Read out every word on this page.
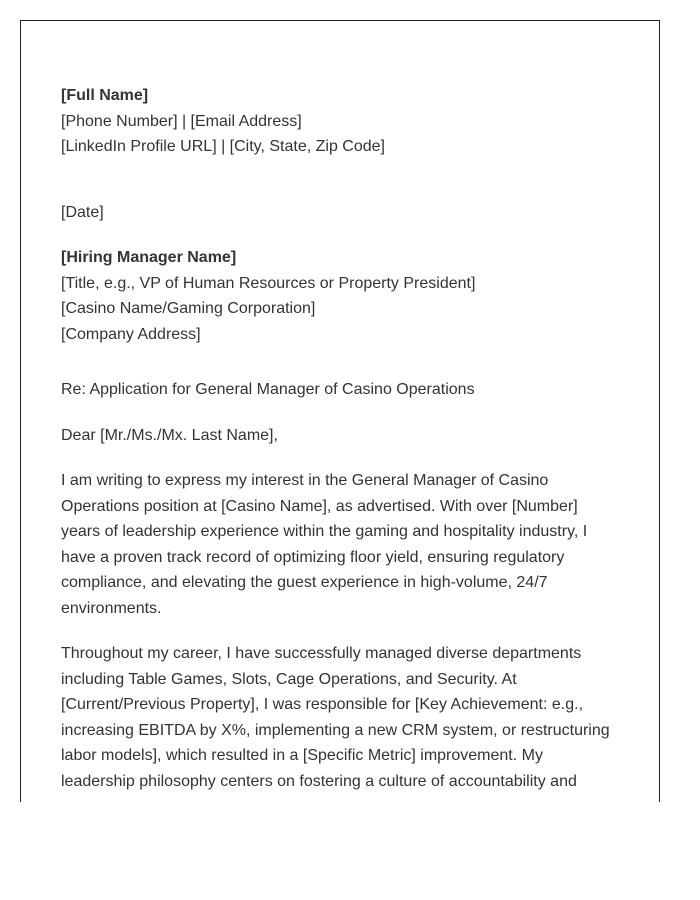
[Full Name]
[Phone Number] | [Email Address]
[LinkedIn Profile URL] | [City, State, Zip Code]
[Date]
[Hiring Manager Name]
[Title, e.g., VP of Human Resources or Property President]
[Casino Name/Gaming Corporation]
[Company Address]
Re: Application for General Manager of Casino Operations
Dear [Mr./Ms./Mx. Last Name],

I am writing to express my interest in the General Manager of Casino Operations position at [Casino Name], as advertised. With over [Number] years of leadership experience within the gaming and hospitality industry, I have a proven track record of optimizing floor yield, ensuring regulatory compliance, and elevating the guest experience in high-volume, 24/7 environments.

Throughout my career, I have successfully managed diverse departments including Table Games, Slots, Cage Operations, and Security. At [Current/Previous Property], I was responsible for [Key Achievement: e.g., increasing EBITDA by X%, implementing a new CRM system, or restructuring labor models], which resulted in a [Specific Metric] improvement. My leadership philosophy centers on fostering a culture of accountability and
